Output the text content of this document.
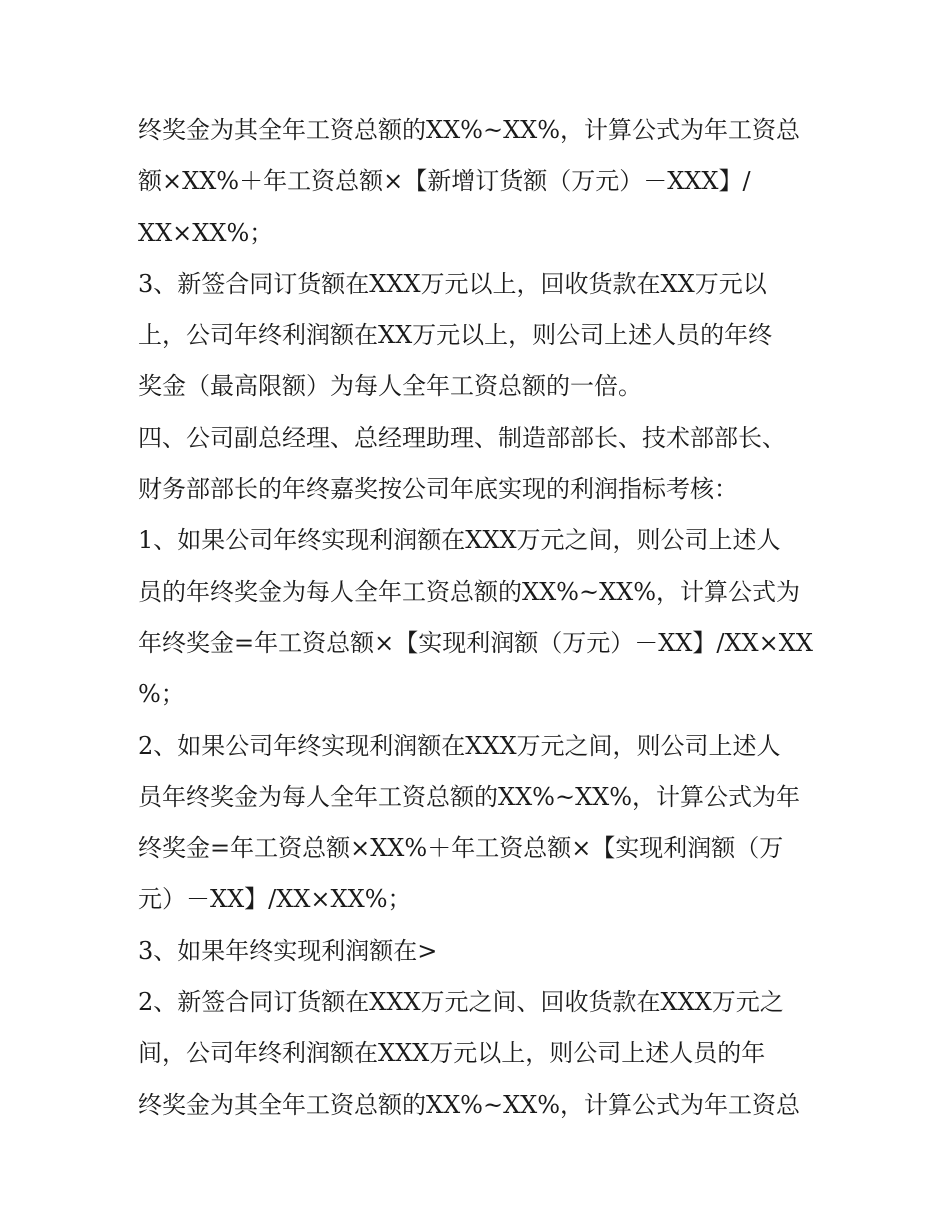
终奖金为其全年工资总额的XX%~XX%，计算公式为年工资总
额×XX%＋年工资总额×【新增订货额（万元）－XXX】/
XX×XX%；
3、新签合同订货额在XXX万元以上，回收货款在XX万元以
上，公司年终利润额在XX万元以上，则公司上述人员的年终
奖金（最高限额）为每人全年工资总额的一倍。
四、公司副总经理、总经理助理、制造部部长、技术部部长、
财务部部长的年终嘉奖按公司年底实现的利润指标考核：
1、如果公司年终实现利润额在XXX万元之间，则公司上述人
员的年终奖金为每人全年工资总额的XX%~XX%，计算公式为
年终奖金=年工资总额×【实现利润额（万元）－XX】/XX×XX
%；
2、如果公司年终实现利润额在XXX万元之间，则公司上述人
员年终奖金为每人全年工资总额的XX%~XX%，计算公式为年
终奖金=年工资总额×XX%＋年工资总额×【实现利润额（万
元）－XX】/XX×XX%；
3、如果年终实现利润额在>
2、新签合同订货额在XXX万元之间、回收货款在XXX万元之
间，公司年终利润额在XXX万元以上，则公司上述人员的年
终奖金为其全年工资总额的XX%~XX%，计算公式为年工资总
